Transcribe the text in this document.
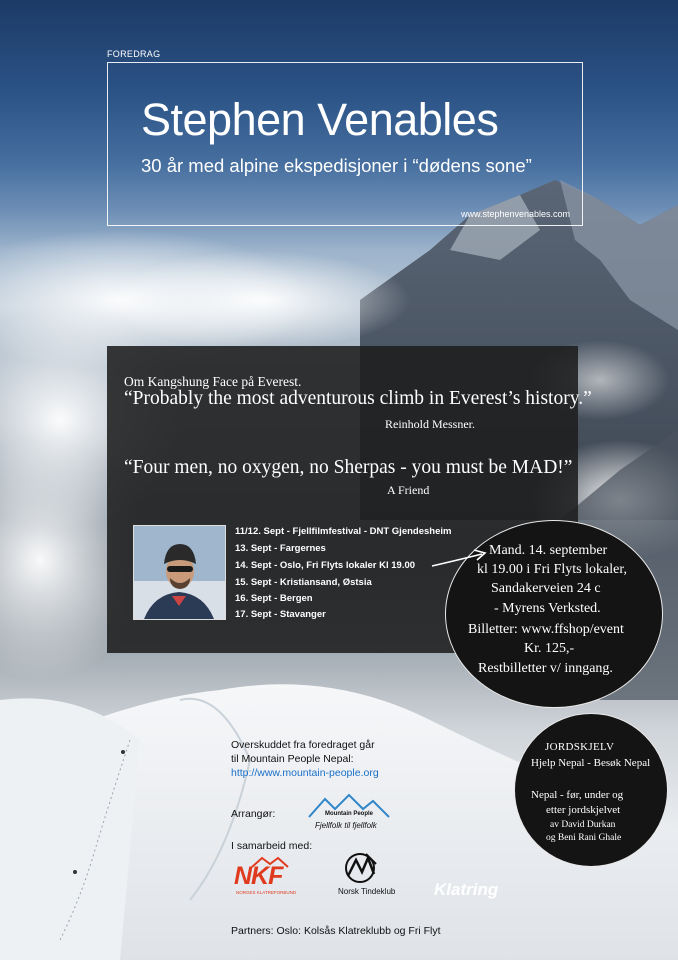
FOREDRAG
Stephen Venables
30 år med alpine ekspedisjoner i “dødens sone”
www.stephenvenables.com
Om Kangshung Face på Everest.
“Probably the most adventurous climb in Everest’s history.”
Reinhold Messner.
“Four men, no oxygen, no Sherpas - you must be MAD!”
A Friend
11/12. Sept - Fjellfilmfestival - DNT Gjendesheim
13. Sept - Fargernes
14. Sept - Oslo, Fri Flyts lokaler Kl 19.00
15. Sept - Kristiansand, Østsia
16. Sept - Bergen
17. Sept - Stavanger
Mand. 14. september
kl 19.00 i Fri Flyts lokaler,
Sandakerveien 24 c
- Myrens Verksted.
Billetter: www.ffshop/event
Kr. 125,-
Restbilletter v/ inngang.
JORDSKJELV
Hjelp Nepal - Besøk Nepal
Nepal - før, under og
etter jordskjelvet
av David Durkan
og Beni Rani Ghale
Overskuddet fra foredraget går
til Mountain People Nepal:
http://www.mountain-people.org
Arrangør:	Mountain People
Fjellfolk til fjellfolk
I samarbeid med:
NKF
NORGES KLATREFORBUND	Norsk Tindeklub Klatring
Partners: Oslo: Kolsås Klatreklubb og Fri Flyt
